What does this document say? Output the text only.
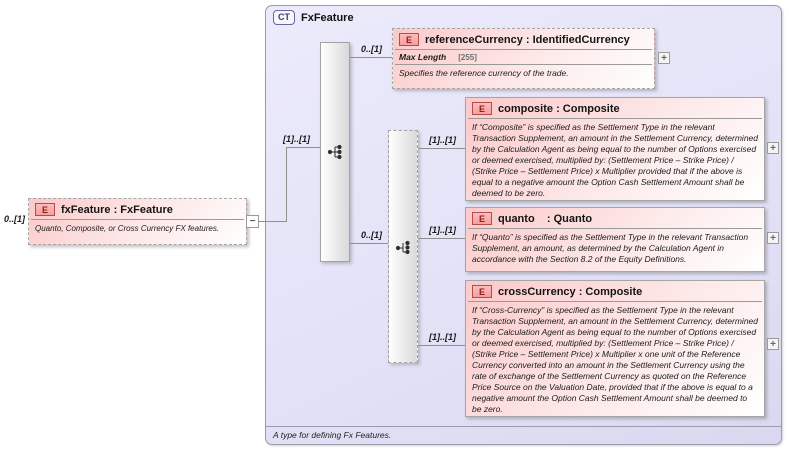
CT	FxFeature
A type for defining Fx Features.
0..[1]
E	fxFeature : FxFeature
Quanto, Composite, or Cross Currency FX features.
−
[1]..[1]
0..[1]
E	referenceCurrency : IdentifiedCurrency
Max Length [255]
Specifies the reference currency of the trade.
+
0..[1]
[1]..[1]
E	composite : Composite
If “Composite” is specified as the Settlement Type in the relevant Transaction Supplement, an amount in the Settlement Currency, determined by the Calculation Agent as being equal to the number of Options exercised or deemed exercised, multiplied by: (Settlement Price – Strike Price) / (Strike Price – Settlement Price) x Multiplier provided that if the above is equal to a negative amount the Option Cash Settlement Amount shall be deemed to be zero.
+
[1]..[1]
E	quanto    : Quanto
If “Quanto” is specified as the Settlement Type in the relevant Transaction Supplement, an amount, as determined by the Calculation Agent in accordance with the Section 8.2 of the Equity Definitions.
+
[1]..[1]
E	crossCurrency : Composite
If “Cross-Currency” is specified as the Settlement Type in the relevant Transaction Supplement, an amount in the Settlement Currency, determined by the Calculation Agent as being equal to the number of Options exercised or deemed exercised, multiplied by: (Settlement Price – Strike Price) / (Strike Price – Settlement Price) x Multiplier x one unit of the Reference Currency converted into an amount in the Settlement Currency using the rate of exchange of the Settlement Currency as quoted on the Reference Price Source on the Valuation Date, provided that if the above is equal to a negative amount the Option Cash Settlement Amount shall be deemed to be zero.
+
